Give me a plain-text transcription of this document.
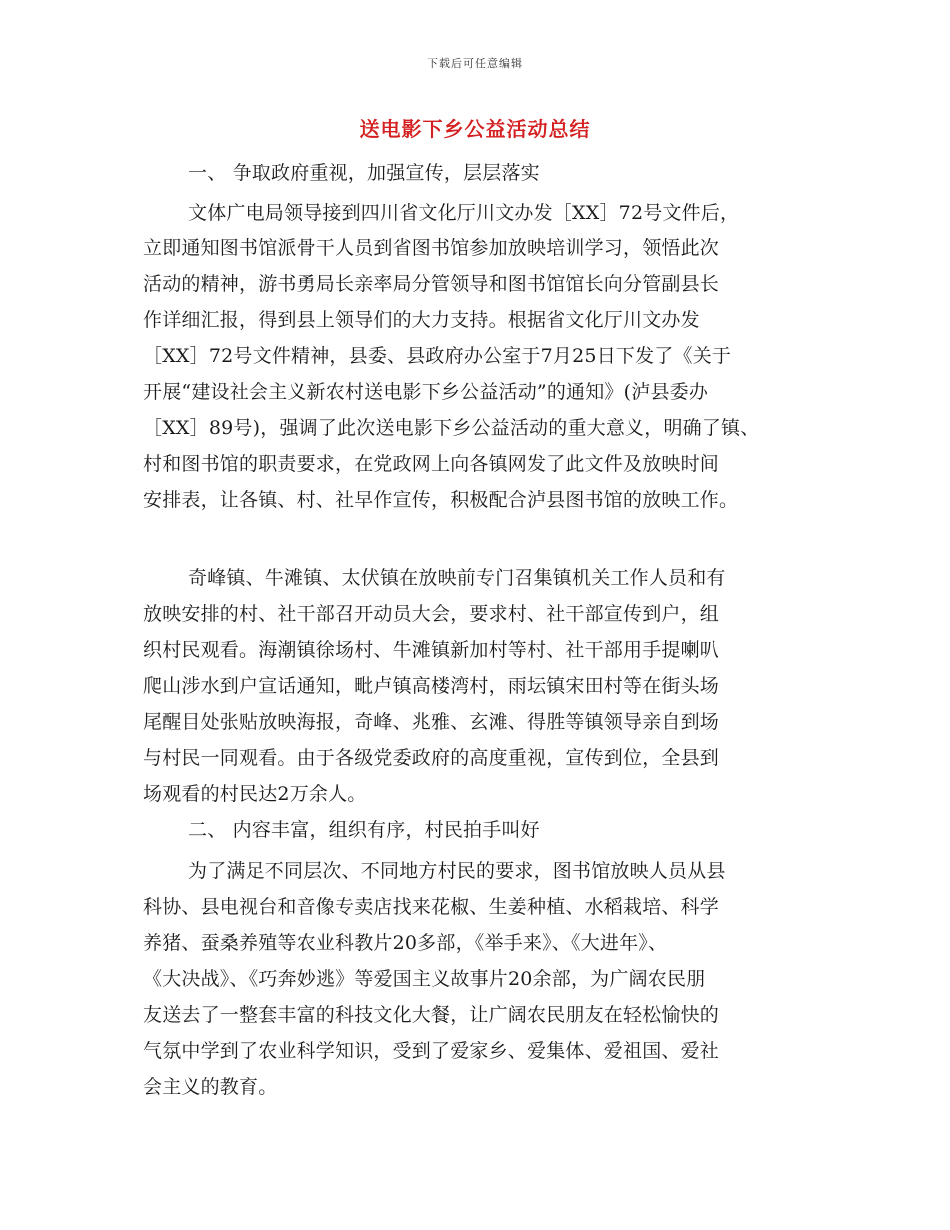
下载后可任意编辑
送电影下乡公益活动总结
一、 争取政府重视，加强宣传，层层落实
文体广电局领导接到四川省文化厅川文办发［XX］72号文件后，
立即通知图书馆派骨干人员到省图书馆参加放映培训学习，领悟此次
活动的精神，游书勇局长亲率局分管领导和图书馆馆长向分管副县长
作详细汇报，得到县上领导们的大力支持。根据省文化厅川文办发
［XX］72号文件精神，县委、县政府办公室于7月25日下发了《关于
开展“建设社会主义新农村送电影下乡公益活动”的通知》(泸县委办
［XX］89号)，强调了此次送电影下乡公益活动的重大意义，明确了镇、
村和图书馆的职责要求，在党政网上向各镇网发了此文件及放映时间
安排表，让各镇、村、社早作宣传，积极配合泸县图书馆的放映工作。
奇峰镇、牛滩镇、太伏镇在放映前专门召集镇机关工作人员和有
放映安排的村、社干部召开动员大会，要求村、社干部宣传到户，组
织村民观看。海潮镇徐场村、牛滩镇新加村等村、社干部用手提喇叭
爬山涉水到户宣话通知，毗卢镇高楼湾村，雨坛镇宋田村等在街头场
尾醒目处张贴放映海报，奇峰、兆雅、玄滩、得胜等镇领导亲自到场
与村民一同观看。由于各级党委政府的高度重视，宣传到位，全县到
场观看的村民达2万余人。
二、 内容丰富，组织有序，村民拍手叫好
为了满足不同层次、不同地方村民的要求，图书馆放映人员从县
科协、县电视台和音像专卖店找来花椒、生姜种植、水稻栽培、科学
养猪、蚕桑养殖等农业科教片20多部，《举手来》、《大进年》、
《大决战》、《巧奔妙逃》等爱国主义故事片20余部，为广阔农民朋
友送去了一整套丰富的科技文化大餐，让广阔农民朋友在轻松愉快的
气氛中学到了农业科学知识，受到了爱家乡、爱集体、爱祖国、爱社
会主义的教育。
